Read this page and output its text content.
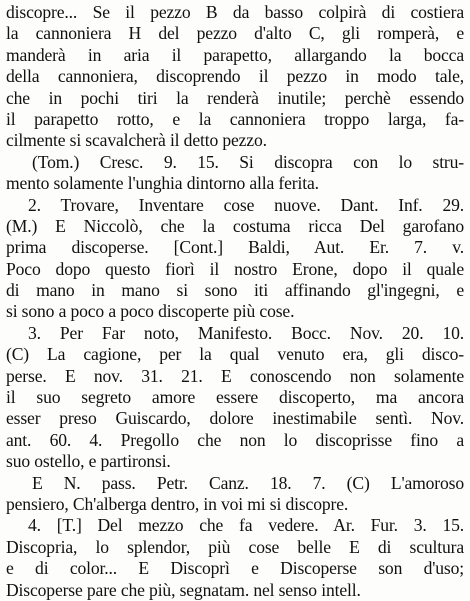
discopre... Se il pezzo B da basso colpirà di costiera
la cannoniera H del pezzo d'alto C, gli romperà, e
manderà in aria il parapetto, allargando la bocca
della cannoniera, discoprendo il pezzo in modo tale,
che in pochi tiri la renderà inutile; perchè essendo
il parapetto rotto, e la cannoniera troppo larga, fa-
cilmente si scavalcherà il detto pezzo.
(Tom.) Cresc. 9. 15. Si discopra con lo stru-
mento solamente l'unghia dintorno alla ferita.
2. Trovare, Inventare cose nuove. Dant. Inf. 29.
(M.) E Niccolò, che la costuma ricca Del garofano
prima discoperse. [Cont.] Baldi, Aut. Er. 7. v.
Poco dopo questo fiorì il nostro Erone, dopo il quale
di mano in mano si sono iti affinando gl'ingegni, e
si sono a poco a poco discoperte più cose.
3. Per Far noto, Manifesto. Bocc. Nov. 20. 10.
(C) La cagione, per la qual venuto era, gli disco-
perse. E nov. 31. 21. E conoscendo non solamente
il suo segreto amore essere discoperto, ma ancora
esser preso Guiscardo, dolore inestimabile sentì. Nov.
ant. 60. 4. Pregollo che non lo discoprisse fino a
suo ostello, e partironsi.
E N. pass. Petr. Canz. 18. 7. (C) L'amoroso
pensiero, Ch'alberga dentro, in voi mi si discopre.
4. [T.] Del mezzo che fa vedere. Ar. Fur. 3. 15.
Discopria, lo splendor, più cose belle E di scultura
e di color... E Discoprì e Discoperse son d'uso;
Discoperse pare che più, segnatam. nel senso intell.
